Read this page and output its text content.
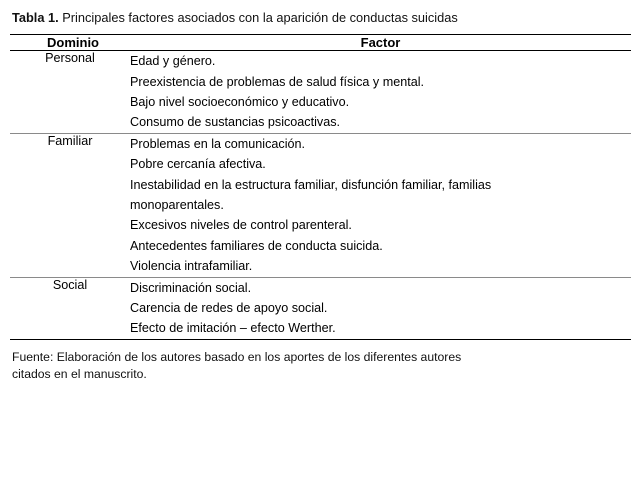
Tabla 1. Principales factores asociados con la aparición de conductas suicidas
Dominio	Factor
Personal	Edad y género.
Preexistencia de problemas de salud física y mental.
Bajo nivel socioeconómico y educativo.
Consumo de sustancias psicoactivas.

Familiar	Problemas en la comunicación.
Pobre cercanía afectiva.
Inestabilidad en la estructura familiar, disfunción familiar, familias
monoparentales.
Excesivos niveles de control parenteral.
Antecedentes familiares de conducta suicida.
Violencia intrafamiliar.

Social	Discriminación social.
Carencia de redes de apoyo social.
Efecto de imitación – efecto Werther.
Fuente: Elaboración de los autores basado en los aportes de los diferentes autores
citados en el manuscrito.
